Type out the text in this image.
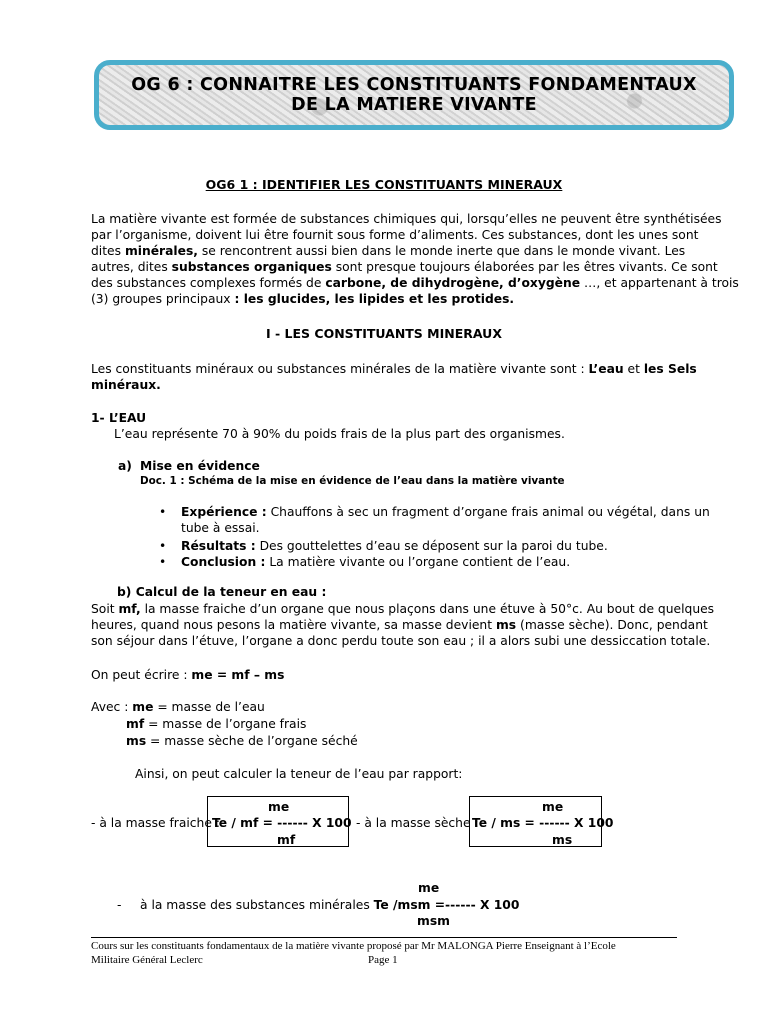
OG 6 : CONNAITRE LES CONSTITUANTS FONDAMENTAUX
DE LA MATIERE VIVANTE
OG6 1 : IDENTIFIER LES CONSTITUANTS MINERAUX
La matière vivante est formée de substances chimiques qui, lorsqu’elles ne peuvent être synthétisées
par l’organisme, doivent lui être fournit sous forme d’aliments. Ces substances, dont les unes sont
dites minérales, se rencontrent aussi bien dans le monde inerte que dans le monde vivant. Les
autres, dites substances organiques sont presque toujours élaborées par les êtres vivants. Ce sont
des substances complexes formés de carbone, de dihydrogène, d’oxygène …, et appartenant à trois
(3) groupes principaux : les glucides, les lipides et les protides.
I - LES CONSTITUANTS MINERAUX
Les constituants minéraux ou substances minérales de la matière vivante sont : L’eau et les Sels
minéraux.
1- L’EAU
L’eau représente 70 à 90% du poids frais de la plus part des organismes.
a) Mise en évidence
Doc. 1 : Schéma de la mise en évidence de l’eau dans la matière vivante
Expérience : Chauffons à sec un fragment d’organe frais animal ou végétal, dans un
tube à essai.
Résultats : Des gouttelettes d’eau se déposent sur la paroi du tube.
Conclusion : La matière vivante ou l’organe contient de l’eau.
b) Calcul de la teneur en eau :
Soit mf, la masse fraiche d’un organe que nous plaçons dans une étuve à 50°c. Au bout de quelques
heures, quand nous pesons la matière vivante, sa masse devient ms (masse sèche). Donc, pendant
son séjour dans l’étuve, l’organe a donc perdu toute son eau ; il a alors subi une dessiccation totale.
On peut écrire : me = mf – ms
Avec : me = masse de l’eau
mf = masse de l’organe frais
ms = masse sèche de l’organe séché
Ainsi, on peut calculer la teneur de l’eau par rapport:
- à la masse fraiche :
me
Te / mf = ------ X 100
mf
- à la masse sèche :
me
Te / ms = ------ X 100
ms
me
- à la masse des substances minérales Te /msm =------ X 100
msm
Cours sur les constituants fondamentaux de la matière vivante proposé par Mr MALONGA Pierre Enseignant à l’Ecole
Militaire Général Leclerc	Page 1
